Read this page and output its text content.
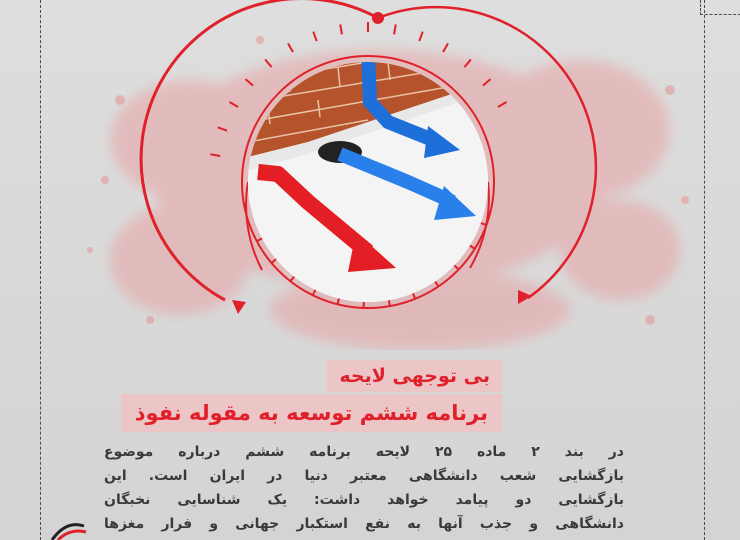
بی توجهی لایحه
برنامه ششم توسعه به مقوله نفوذ
در بند ۲ ماده ۲۵ لایحه برنامه ششم درباره موضوع
بازگشایی شعب دانشگاهی معتبر دنیا در ایران است. این
بازگشایی دو پیامد خواهد داشت: یک شناسایی نخبگان
دانشگاهی و جذب آنها به نفع استکبار جهانی و فرار مغزها
